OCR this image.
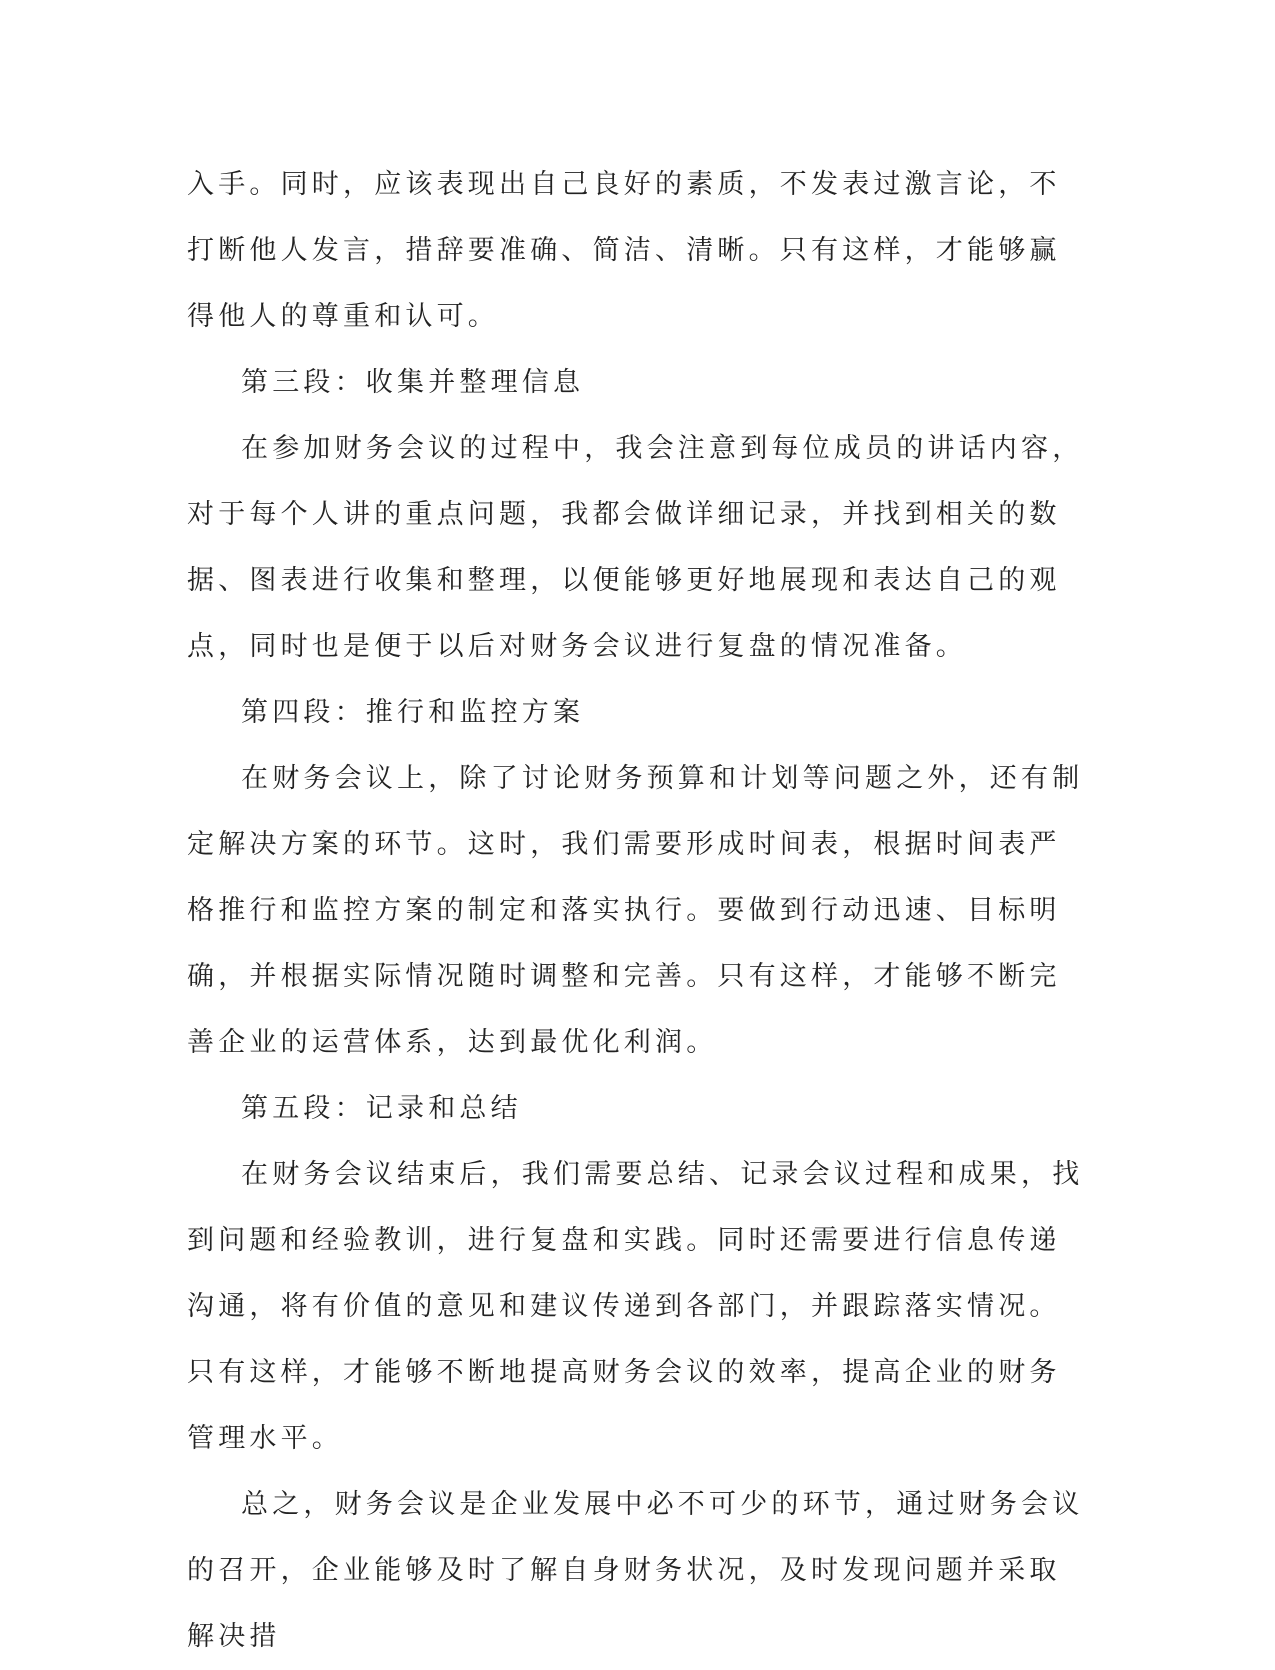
入手。同时，应该表现出自己良好的素质，不发表过激言论，不打断他人发言，措辞要准确、简洁、清晰。只有这样，才能够赢得他人的尊重和认可。

第三段：收集并整理信息

在参加财务会议的过程中，我会注意到每位成员的讲话内容，对于每个人讲的重点问题，我都会做详细记录，并找到相关的数据、图表进行收集和整理，以便能够更好地展现和表达自己的观点，同时也是便于以后对财务会议进行复盘的情况准备。

第四段：推行和监控方案

在财务会议上，除了讨论财务预算和计划等问题之外，还有制定解决方案的环节。这时，我们需要形成时间表，根据时间表严格推行和监控方案的制定和落实执行。要做到行动迅速、目标明确，并根据实际情况随时调整和完善。只有这样，才能够不断完善企业的运营体系，达到最优化利润。

第五段：记录和总结

在财务会议结束后，我们需要总结、记录会议过程和成果，找到问题和经验教训，进行复盘和实践。同时还需要进行信息传递沟通，将有价值的意见和建议传递到各部门，并跟踪落实情况。只有这样，才能够不断地提高财务会议的效率，提高企业的财务管理水平。

总之，财务会议是企业发展中必不可少的环节，通过财务会议的召开，企业能够及时了解自身财务状况，及时发现问题并采取解决措
